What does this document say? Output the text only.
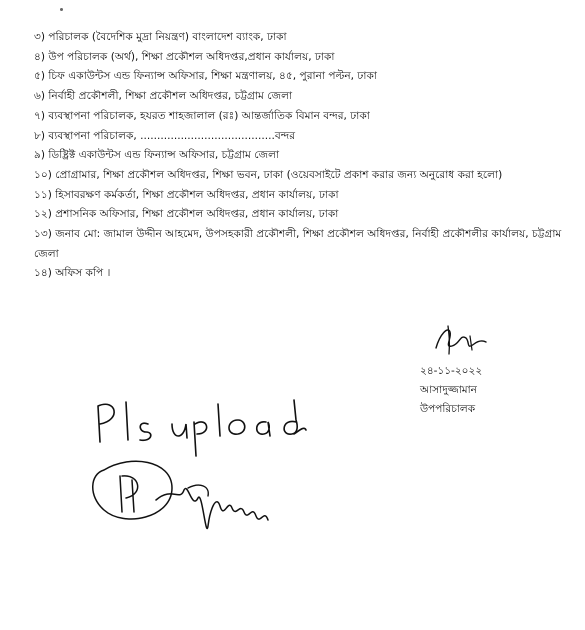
৩) পরিচালক (বৈদেশিক মুদ্রা নিয়ন্ত্রণ) বাংলাদেশ ব্যাংক, ঢাকা
৪) উপ পরিচালক (অর্থ), শিক্ষা প্রকৌশল অধিদপ্তর,প্রধান কার্যালয়, ঢাকা
৫) চিফ একাউন্টস এন্ড ফিন্যান্স অফিসার, শিক্ষা মন্ত্রণালয়, ৪৫, পুরানা পল্টন, ঢাকা
৬) নির্বাহী প্রকৌশলী, শিক্ষা প্রকৌশল অধিদপ্তর, চট্টগ্রাম জেলা
৭) ব্যবস্থাপনা পরিচালক, হযরত শাহজালাল (রঃ) আন্তর্জাতিক বিমান বন্দর, ঢাকা
৮) ব্যবস্থাপনা পরিচালক, ........................................বন্দর
৯) ডিষ্ট্রিক্ট একাউন্টস এন্ড ফিন্যান্স অফিসার, চট্টগ্রাম জেলা
১০) প্রোগ্রামার, শিক্ষা প্রকৌশল অধিদপ্তর, শিক্ষা ভবন, ঢাকা (ওয়েবসাইটে প্রকাশ করার জন্য অনুরোধ করা হলো)
১১) হিসাবরক্ষণ কর্মকর্তা, শিক্ষা প্রকৌশল অধিদপ্তর, প্রধান কার্যালয়, ঢাকা
১২) প্রশাসনিক অফিসার, শিক্ষা প্রকৌশল অধিদপ্তর, প্রধান কার্যালয়, ঢাকা
১৩) জনাব মো: জামাল উদ্দীন আহমেদ, উপসহকারী প্রকৌশলী, শিক্ষা প্রকৌশল অধিদপ্তর, নির্বাহী প্রকৌশলীর কার্যালয়, চট্টগ্রাম জেলা
১৪) অফিস কপি ।
২৪-১১-২০২২
আসাদুজ্জামান
উপপরিচালক
